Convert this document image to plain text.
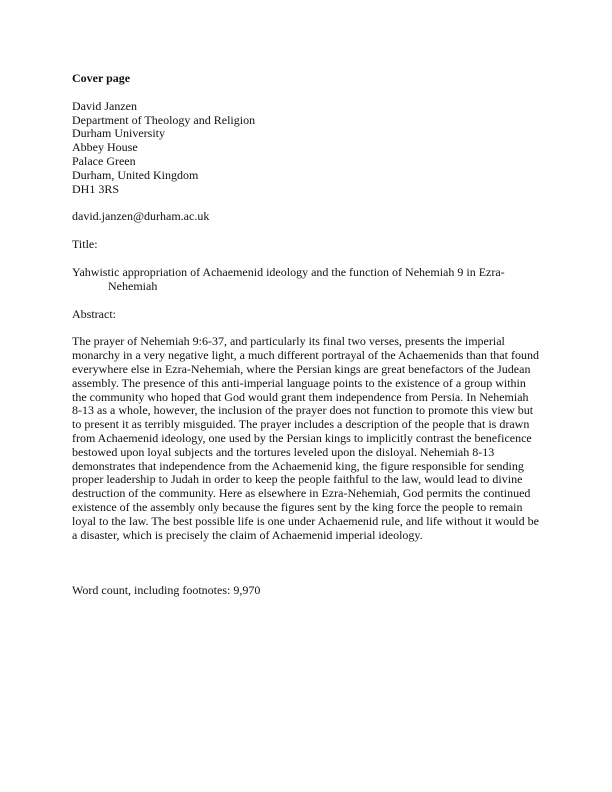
Cover page

David Janzen
Department of Theology and Religion
Durham University
Abbey House
Palace Green
Durham, United Kingdom
DH1 3RS

david.janzen@durham.ac.uk

Title:

Yahwistic appropriation of Achaemenid ideology and the function of Nehemiah 9 in Ezra-Nehemiah

Abstract:

The prayer of Nehemiah 9:6-37, and particularly its final two verses, presents the imperial monarchy in a very negative light, a much different portrayal of the Achaemenids than that found everywhere else in Ezra-Nehemiah, where the Persian kings are great benefactors of the Judean assembly. The presence of this anti-imperial language points to the existence of a group within the community who hoped that God would grant them independence from Persia. In Nehemiah 8-13 as a whole, however, the inclusion of the prayer does not function to promote this view but to present it as terribly misguided. The prayer includes a description of the people that is drawn from Achaemenid ideology, one used by the Persian kings to implicitly contrast the beneficence bestowed upon loyal subjects and the tortures leveled upon the disloyal. Nehemiah 8-13 demonstrates that independence from the Achaemenid king, the figure responsible for sending proper leadership to Judah in order to keep the people faithful to the law, would lead to divine destruction of the community. Here as elsewhere in Ezra-Nehemiah, God permits the continued existence of the assembly only because the figures sent by the king force the people to remain loyal to the law. The best possible life is one under Achaemenid rule, and life without it would be a disaster, which is precisely the claim of Achaemenid imperial ideology.

Word count, including footnotes: 9,970
